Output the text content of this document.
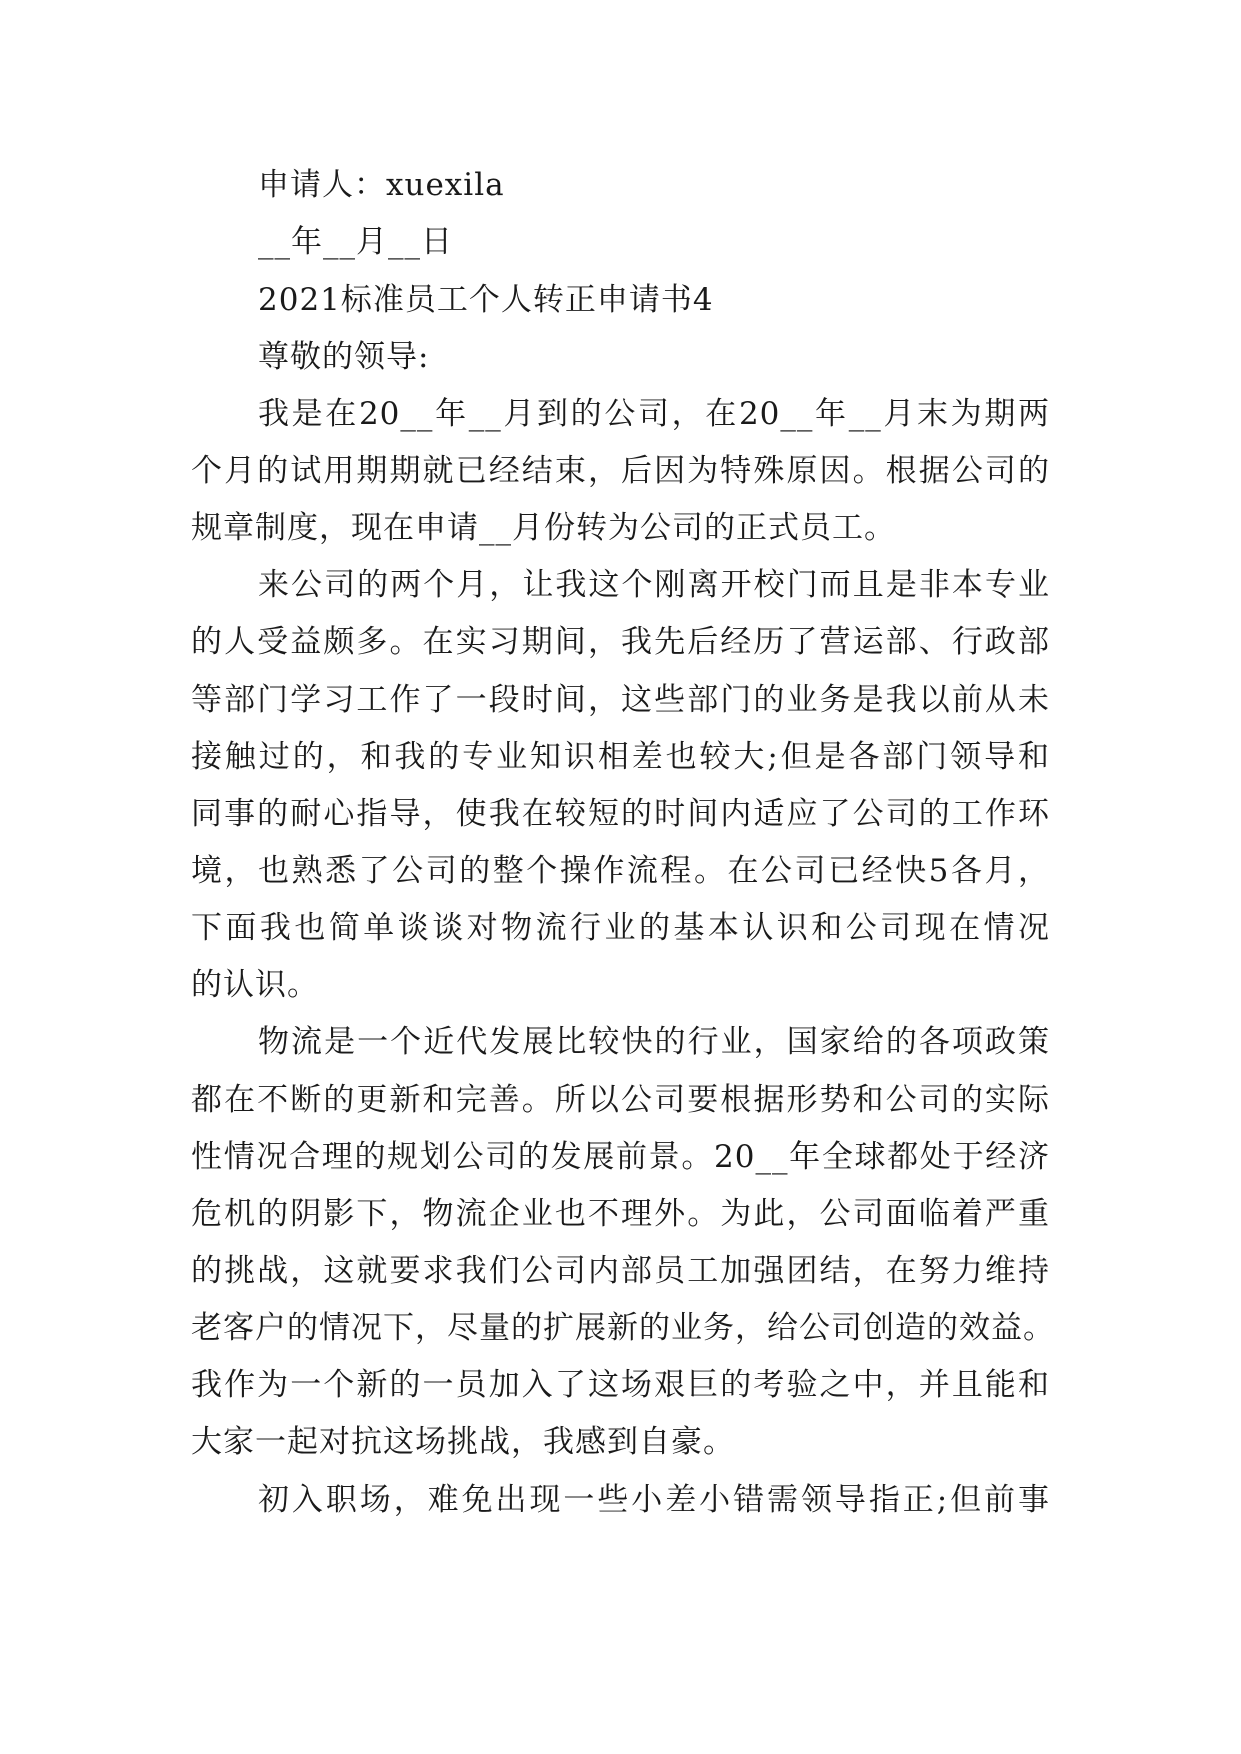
申请人：xuexila
__年__月__日
2021标准员工个人转正申请书4
尊敬的领导:
我是在20__年__月到的公司，在20__年__月末为期两
个月的试用期期就已经结束，后因为特殊原因。根据公司的
规章制度，现在申请__月份转为公司的正式员工。
来公司的两个月，让我这个刚离开校门而且是非本专业
的人受益颇多。在实习期间，我先后经历了营运部、行政部
等部门学习工作了一段时间，这些部门的业务是我以前从未
接触过的，和我的专业知识相差也较大;但是各部门领导和
同事的耐心指导，使我在较短的时间内适应了公司的工作环
境，也熟悉了公司的整个操作流程。在公司已经快5各月，
下面我也简单谈谈对物流行业的基本认识和公司现在情况
的认识。
物流是一个近代发展比较快的行业，国家给的各项政策
都在不断的更新和完善。所以公司要根据形势和公司的实际
性情况合理的规划公司的发展前景。20__年全球都处于经济
危机的阴影下，物流企业也不理外。为此，公司面临着严重
的挑战，这就要求我们公司内部员工加强团结，在努力维持
老客户的情况下，尽量的扩展新的业务，给公司创造的效益。
我作为一个新的一员加入了这场艰巨的考验之中，并且能和
大家一起对抗这场挑战，我感到自豪。
初入职场，难免出现一些小差小错需领导指正;但前事
